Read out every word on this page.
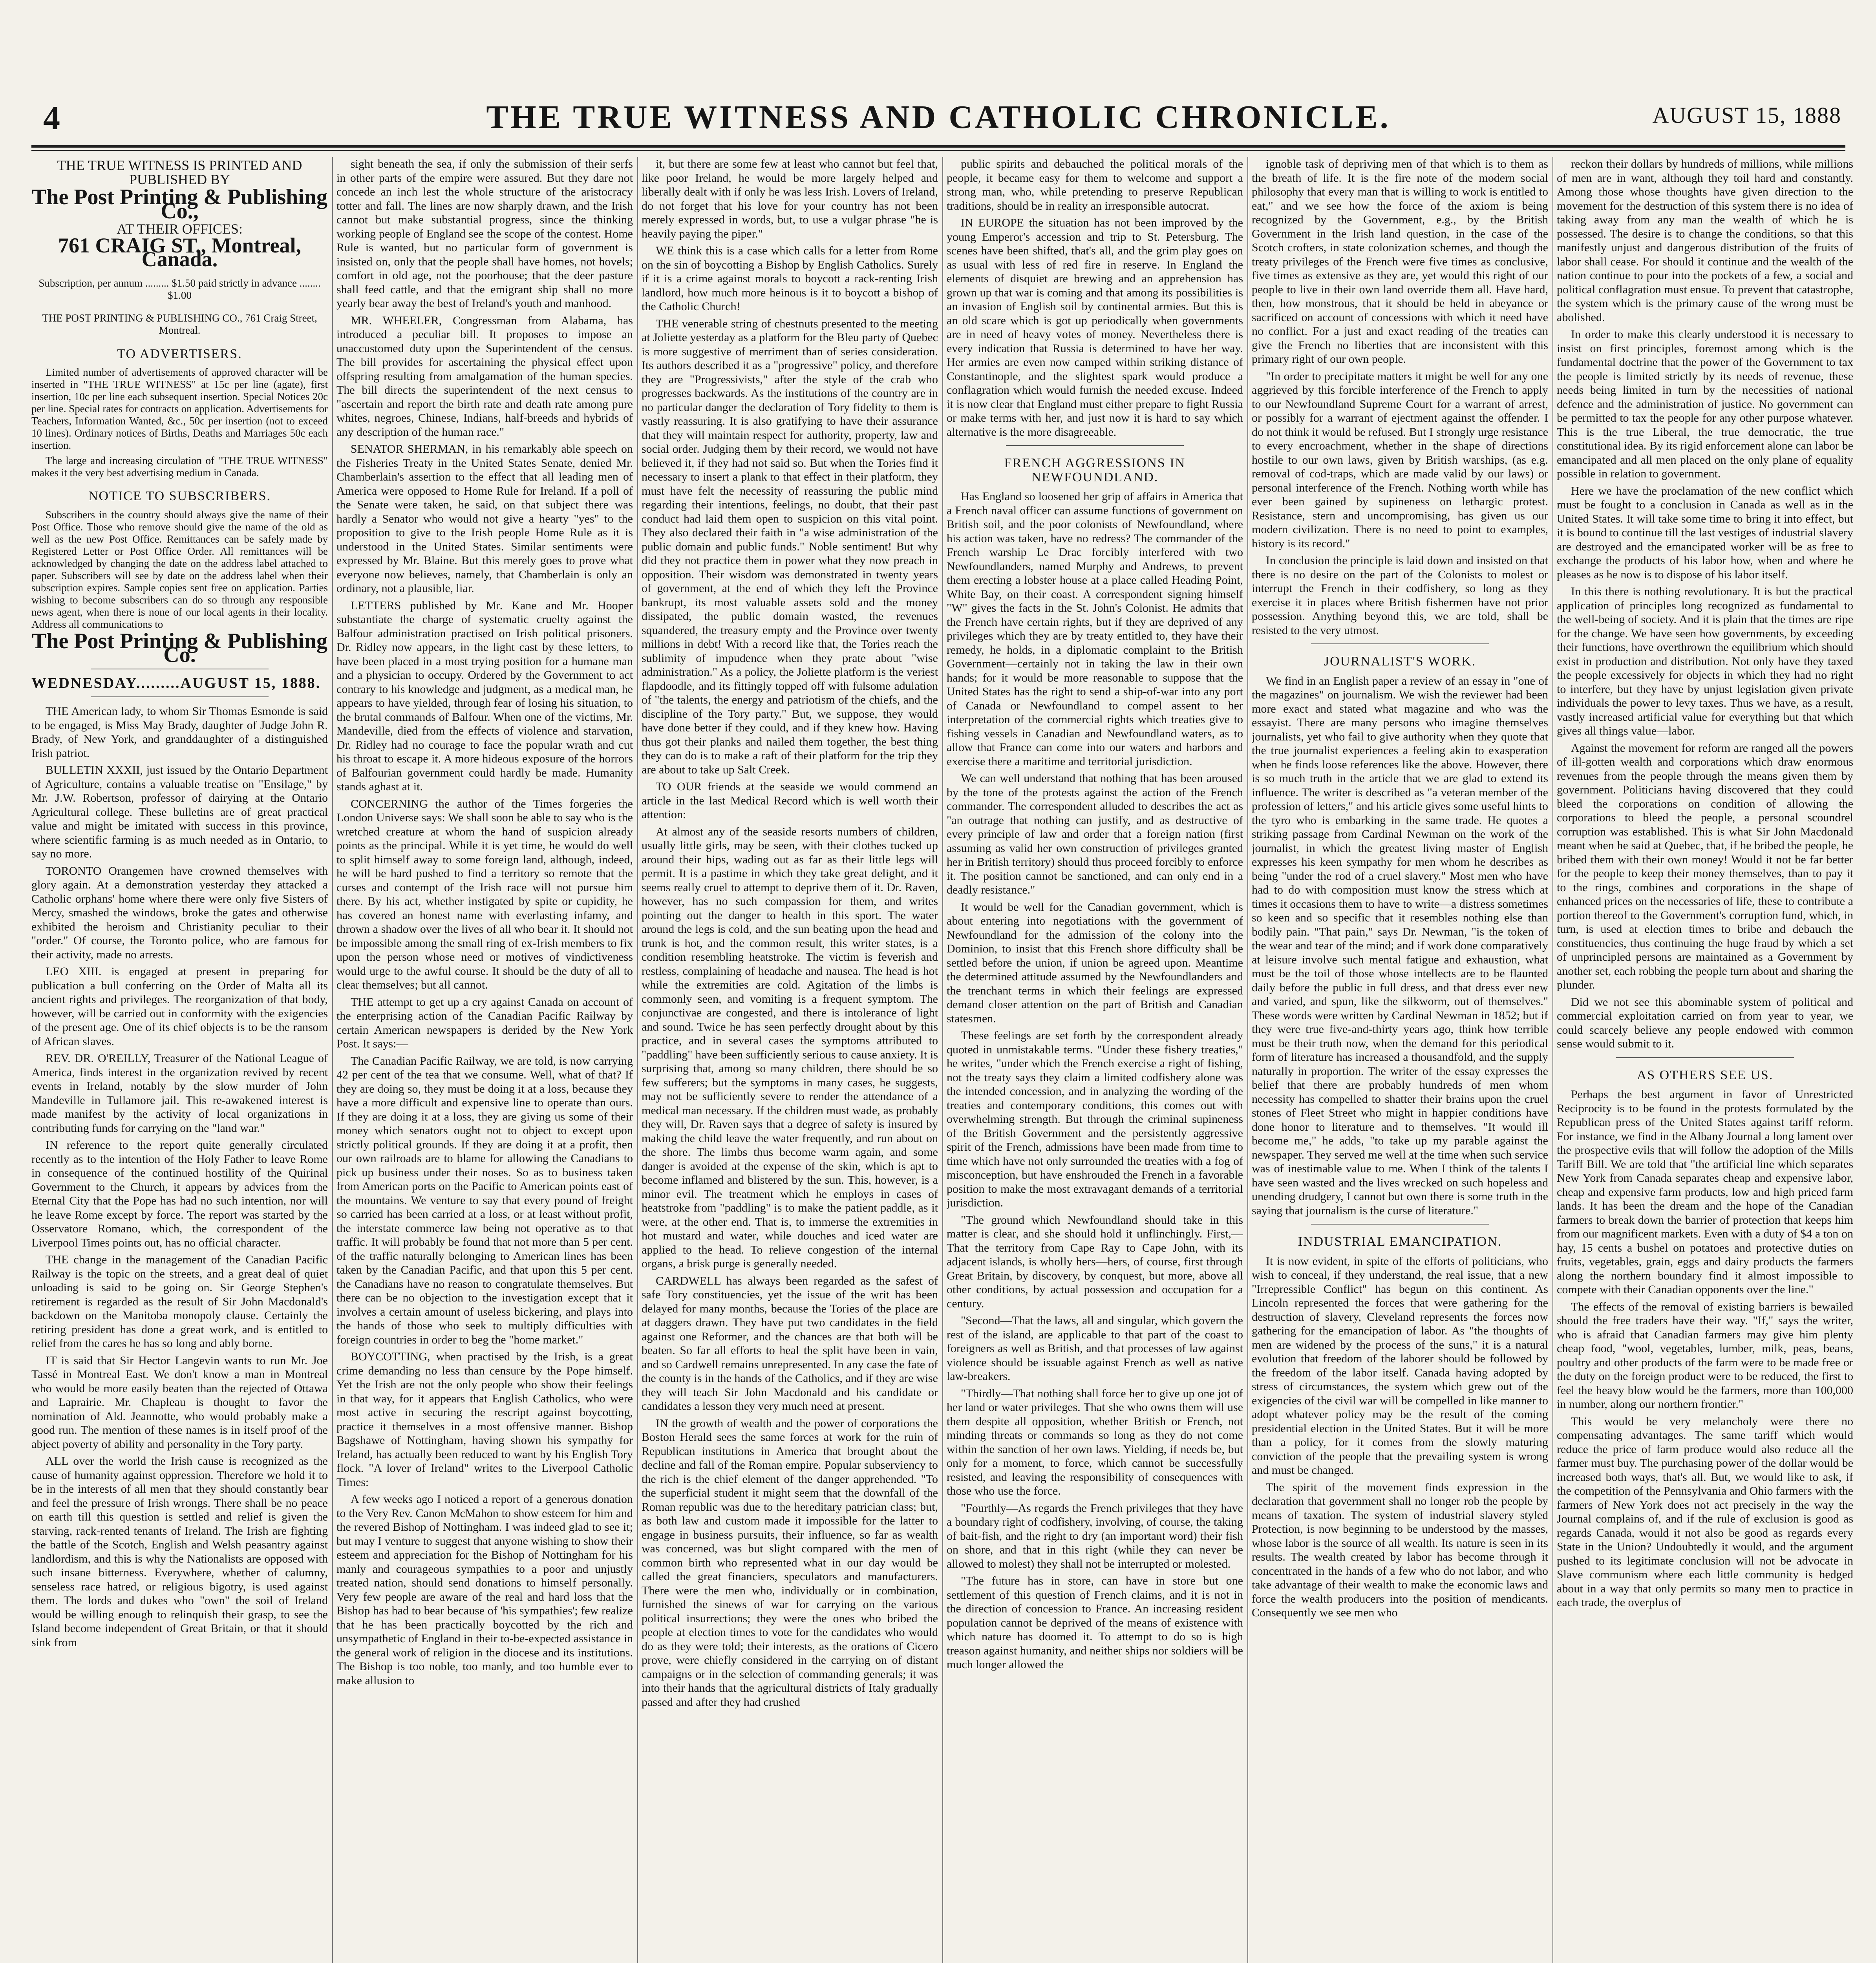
4	THE TRUE WITNESS AND CATHOLIC CHRONICLE.	AUGUST 15, 1888
THE TRUE WITNESS IS PRINTED AND PUBLISHED BY
The Post Printing & Publishing Co.,
AT THEIR OFFICES:
761 CRAIG ST., Montreal, Canada.

Subscription, per annum ......... $1.50 paid strictly in advance ........ $1.00

THE POST PRINTING & PUBLISHING CO., 761 Craig Street, Montreal.

TO ADVERTISERS.

Limited number of advertisements of approved character will be inserted in "THE TRUE WITNESS" at 15c per line (agate), first insertion, 10c per line each subsequent insertion. Special Notices 20c per line. Special rates for contracts on application. Advertisements for Teachers, Information Wanted, &c., 50c per insertion (not to exceed 10 lines). Ordinary notices of Births, Deaths and Marriages 50c each insertion.

The large and increasing circulation of "THE TRUE WITNESS" makes it the very best advertising medium in Canada.

NOTICE TO SUBSCRIBERS.

Subscribers in the country should always give the name of their Post Office. Those who remove should give the name of the old as well as the new Post Office. Remittances can be safely made by Registered Letter or Post Office Order. All remittances will be acknowledged by changing the date on the address label attached to paper. Subscribers will see by date on the address label when their subscription expires. Sample copies sent free on application. Parties wishing to become subscribers can do so through any responsible news agent, when there is none of our local agents in their locality. Address all communications to

The Post Printing & Publishing Co.
WEDNESDAY.........AUGUST 15, 1888.

THE American lady, to whom Sir Thomas Esmonde is said to be engaged, is Miss May Brady, daughter of Judge John R. Brady, of New York, and granddaughter of a distinguished Irish patriot.

BULLETIN XXXII, just issued by the Ontario Department of Agriculture, contains a valuable treatise on "Ensilage," by Mr. J.W. Robertson, professor of dairying at the Ontario Agricultural college. These bulletins are of great practical value and might be imitated with success in this province, where scientific farming is as much needed as in Ontario, to say no more.

TORONTO Orangemen have crowned themselves with glory again. At a demonstration yesterday they attacked a Catholic orphans' home where there were only five Sisters of Mercy, smashed the windows, broke the gates and otherwise exhibited the heroism and Christianity peculiar to their "order." Of course, the Toronto police, who are famous for their activity, made no arrests.

LEO XIII. is engaged at present in preparing for publication a bull conferring on the Order of Malta all its ancient rights and privileges. The reorganization of that body, however, will be carried out in conformity with the exigencies of the present age. One of its chief objects is to be the ransom of African slaves.

REV. DR. O'REILLY, Treasurer of the National League of America, finds interest in the organization revived by recent events in Ireland, notably by the slow murder of John Mandeville in Tullamore jail. This re-awakened interest is made manifest by the activity of local organizations in contributing funds for carrying on the "land war."

IN reference to the report quite generally circulated recently as to the intention of the Holy Father to leave Rome in consequence of the continued hostility of the Quirinal Government to the Church, it appears by advices from the Eternal City that the Pope has had no such intention, nor will he leave Rome except by force. The report was started by the Osservatore Romano, which, the correspondent of the Liverpool Times points out, has no official character.

THE change in the management of the Canadian Pacific Railway is the topic on the streets, and a great deal of quiet unloading is said to be going on. Sir George Stephen's retirement is regarded as the result of Sir John Macdonald's backdown on the Manitoba monopoly clause. Certainly the retiring president has done a great work, and is entitled to relief from the cares he has so long and ably borne.

IT is said that Sir Hector Langevin wants to run Mr. Joe Tassé in Montreal East. We don't know a man in Montreal who would be more easily beaten than the rejected of Ottawa and Laprairie. Mr. Chapleau is thought to favor the nomination of Ald. Jeannotte, who would probably make a good run. The mention of these names is in itself proof of the abject poverty of ability and personality in the Tory party.

ALL over the world the Irish cause is recognized as the cause of humanity against oppression. Therefore we hold it to be in the interests of all men that they should constantly bear and feel the pressure of Irish wrongs. There shall be no peace on earth till this question is settled and relief is given the starving, rack-rented tenants of Ireland. The Irish are fighting the battle of the Scotch, English and Welsh peasantry against landlordism, and this is why the Nationalists are opposed with such insane bitterness. Everywhere, whether of calumny, senseless race hatred, or religious bigotry, is used against them. The lords and dukes who "own" the soil of Ireland would be willing enough to relinquish their grasp, to see the Island become independent of Great Britain, or that it should sink from

sight beneath the sea, if only the submission of their serfs in other parts of the empire were assured. But they dare not concede an inch lest the whole structure of the aristocracy totter and fall. The lines are now sharply drawn, and the Irish cannot but make substantial progress, since the thinking working people of England see the scope of the contest. Home Rule is wanted, but no particular form of government is insisted on, only that the people shall have homes, not hovels; comfort in old age, not the poorhouse; that the deer pasture shall feed cattle, and that the emigrant ship shall no more yearly bear away the best of Ireland's youth and manhood.

MR. WHEELER, Congressman from Alabama, has introduced a peculiar bill. It proposes to impose an unaccustomed duty upon the Superintendent of the census. The bill provides for ascertaining the physical effect upon offspring resulting from amalgamation of the human species. The bill directs the superintendent of the next census to "ascertain and report the birth rate and death rate among pure whites, negroes, Chinese, Indians, half-breeds and hybrids of any description of the human race."

SENATOR SHERMAN, in his remarkably able speech on the Fisheries Treaty in the United States Senate, denied Mr. Chamberlain's assertion to the effect that all leading men of America were opposed to Home Rule for Ireland. If a poll of the Senate were taken, he said, on that subject there was hardly a Senator who would not give a hearty "yes" to the proposition to give to the Irish people Home Rule as it is understood in the United States. Similar sentiments were expressed by Mr. Blaine. But this merely goes to prove what everyone now believes, namely, that Chamberlain is only an ordinary, not a plausible, liar.

LETTERS published by Mr. Kane and Mr. Hooper substantiate the charge of systematic cruelty against the Balfour administration practised on Irish political prisoners. Dr. Ridley now appears, in the light cast by these letters, to have been placed in a most trying position for a humane man and a physician to occupy. Ordered by the Government to act contrary to his knowledge and judgment, as a medical man, he appears to have yielded, through fear of losing his situation, to the brutal commands of Balfour. When one of the victims, Mr. Mandeville, died from the effects of violence and starvation, Dr. Ridley had no courage to face the popular wrath and cut his throat to escape it. A more hideous exposure of the horrors of Balfourian government could hardly be made. Humanity stands aghast at it.

CONCERNING the author of the Times forgeries the London Universe says: We shall soon be able to say who is the wretched creature at whom the hand of suspicion already points as the principal. While it is yet time, he would do well to split himself away to some foreign land, although, indeed, he will be hard pushed to find a territory so remote that the curses and contempt of the Irish race will not pursue him there. By his act, whether instigated by spite or cupidity, he has covered an honest name with everlasting infamy, and thrown a shadow over the lives of all who bear it. It should not be impossible among the small ring of ex-Irish members to fix upon the person whose need or motives of vindictiveness would urge to the awful course. It should be the duty of all to clear themselves; but all cannot.

THE attempt to get up a cry against Canada on account of the enterprising action of the Canadian Pacific Railway by certain American newspapers is derided by the New York Post. It says:—

The Canadian Pacific Railway, we are told, is now carrying 42 per cent of the tea that we consume. Well, what of that? If they are doing so, they must be doing it at a loss, because they have a more difficult and expensive line to operate than ours. If they are doing it at a loss, they are giving us some of their money which senators ought not to object to except upon strictly political grounds. If they are doing it at a profit, then our own railroads are to blame for allowing the Canadians to pick up business under their noses. So as to business taken from American ports on the Pacific to American points east of the mountains. We venture to say that every pound of freight so carried has been carried at a loss, or at least without profit, the interstate commerce law being not operative as to that traffic. It will probably be found that not more than 5 per cent. of the traffic naturally belonging to American lines has been taken by the Canadian Pacific, and that upon this 5 per cent. the Canadians have no reason to congratulate themselves. But there can be no objection to the investigation except that it involves a certain amount of useless bickering, and plays into the hands of those who seek to multiply difficulties with foreign countries in order to beg the "home market."

BOYCOTTING, when practised by the Irish, is a great crime demanding no less than censure by the Pope himself. Yet the Irish are not the only people who show their feelings in that way, for it appears that English Catholics, who were most active in securing the rescript against boycotting, practice it themselves in a most offensive manner. Bishop Bagshawe of Nottingham, having shown his sympathy for Ireland, has actually been reduced to want by his English Tory flock. "A lover of Ireland" writes to the Liverpool Catholic Times:

A few weeks ago I noticed a report of a generous donation to the Very Rev. Canon McMahon to show esteem for him and the revered Bishop of Nottingham. I was indeed glad to see it; but may I venture to suggest that anyone wishing to show their esteem and appreciation for the Bishop of Nottingham for his manly and courageous sympathies to a poor and unjustly treated nation, should send donations to himself personally. Very few people are aware of the real and hard loss that the Bishop has had to bear because of 'his sympathies'; few realize that he has been practically boycotted by the rich and unsympathetic of England in their to-be-expected assistance in the general work of religion in the diocese and its institutions. The Bishop is too noble, too manly, and too humble ever to make allusion to

it, but there are some few at least who cannot but feel that, like poor Ireland, he would be more largely helped and liberally dealt with if only he was less Irish. Lovers of Ireland, do not forget that his love for your country has not been merely expressed in words, but, to use a vulgar phrase "he is heavily paying the piper."

WE think this is a case which calls for a letter from Rome on the sin of boycotting a Bishop by English Catholics. Surely if it is a crime against morals to boycott a rack-renting Irish landlord, how much more heinous is it to boycott a bishop of the Catholic Church!

THE venerable string of chestnuts presented to the meeting at Joliette yesterday as a platform for the Bleu party of Quebec is more suggestive of merriment than of series consideration. Its authors described it as a "progressive" policy, and therefore they are "Progressivists," after the style of the crab who progresses backwards. As the institutions of the country are in no particular danger the declaration of Tory fidelity to them is vastly reassuring. It is also gratifying to have their assurance that they will maintain respect for authority, property, law and social order. Judging them by their record, we would not have believed it, if they had not said so. But when the Tories find it necessary to insert a plank to that effect in their platform, they must have felt the necessity of reassuring the public mind regarding their intentions, feelings, no doubt, that their past conduct had laid them open to suspicion on this vital point. They also declared their faith in "a wise administration of the public domain and public funds." Noble sentiment! But why did they not practice them in power what they now preach in opposition. Their wisdom was demonstrated in twenty years of government, at the end of which they left the Province bankrupt, its most valuable assets sold and the money dissipated, the public domain wasted, the revenues squandered, the treasury empty and the Province over twenty millions in debt! With a record like that, the Tories reach the sublimity of impudence when they prate about "wise administration." As a policy, the Joliette platform is the veriest flapdoodle, and its fittingly topped off with fulsome adulation of "the talents, the energy and patriotism of the chiefs, and the discipline of the Tory party." But, we suppose, they would have done better if they could, and if they knew how. Having thus got their planks and nailed them together, the best thing they can do is to make a raft of their platform for the trip they are about to take up Salt Creek.

TO OUR friends at the seaside we would commend an article in the last Medical Record which is well worth their attention:

At almost any of the seaside resorts numbers of children, usually little girls, may be seen, with their clothes tucked up around their hips, wading out as far as their little legs will permit. It is a pastime in which they take great delight, and it seems really cruel to attempt to deprive them of it. Dr. Raven, however, has no such compassion for them, and writes pointing out the danger to health in this sport. The water around the legs is cold, and the sun beating upon the head and trunk is hot, and the common result, this writer states, is a condition resembling heatstroke. The victim is feverish and restless, complaining of headache and nausea. The head is hot while the extremities are cold. Agitation of the limbs is commonly seen, and vomiting is a frequent symptom. The conjunctivae are congested, and there is intolerance of light and sound. Twice he has seen perfectly drought about by this practice, and in several cases the symptoms attributed to "paddling" have been sufficiently serious to cause anxiety. It is surprising that, among so many children, there should be so few sufferers; but the symptoms in many cases, he suggests, may not be sufficiently severe to render the attendance of a medical man necessary. If the children must wade, as probably they will, Dr. Raven says that a degree of safety is insured by making the child leave the water frequently, and run about on the shore. The limbs thus become warm again, and some danger is avoided at the expense of the skin, which is apt to become inflamed and blistered by the sun. This, however, is a minor evil. The treatment which he employs in cases of heatstroke from "paddling" is to make the patient paddle, as it were, at the other end. That is, to immerse the extremities in hot mustard and water, while douches and iced water are applied to the head. To relieve congestion of the internal organs, a brisk purge is generally needed.

CARDWELL has always been regarded as the safest of safe Tory constituencies, yet the issue of the writ has been delayed for many months, because the Tories of the place are at daggers drawn. They have put two candidates in the field against one Reformer, and the chances are that both will be beaten. So far all efforts to heal the split have been in vain, and so Cardwell remains unrepresented. In any case the fate of the county is in the hands of the Catholics, and if they are wise they will teach Sir John Macdonald and his candidate or candidates a lesson they very much need at present.

IN the growth of wealth and the power of corporations the Boston Herald sees the same forces at work for the ruin of Republican institutions in America that brought about the decline and fall of the Roman empire. Popular subserviency to the rich is the chief element of the danger apprehended. "To the superficial student it might seem that the downfall of the Roman republic was due to the hereditary patrician class; but, as both law and custom made it impossible for the latter to engage in business pursuits, their influence, so far as wealth was concerned, was but slight compared with the men of common birth who represented what in our day would be called the great financiers, speculators and manufacturers. There were the men who, individually or in combination, furnished the sinews of war for carrying on the various political insurrections; they were the ones who bribed the people at election times to vote for the candidates who would do as they were told; their interests, as the orations of Cicero prove, were chiefly considered in the carrying on of distant campaigns or in the selection of commanding generals; it was into their hands that the agricultural districts of Italy gradually passed and after they had crushed

public spirits and debauched the political morals of the people, it became easy for them to welcome and support a strong man, who, while pretending to preserve Republican traditions, should be in reality an irresponsible autocrat.

IN EUROPE the situation has not been improved by the young Emperor's accession and trip to St. Petersburg. The scenes have been shifted, that's all, and the grim play goes on as usual with less of red fire in reserve. In England the elements of disquiet are brewing and an apprehension has grown up that war is coming and that among its possibilities is an invasion of English soil by continental armies. But this is an old scare which is got up periodically when governments are in need of heavy votes of money. Nevertheless there is every indication that Russia is determined to have her way. Her armies are even now camped within striking distance of Constantinople, and the slightest spark would produce a conflagration which would furnish the needed excuse. Indeed it is now clear that England must either prepare to fight Russia or make terms with her, and just now it is hard to say which alternative is the more disagreeable.

FRENCH AGGRESSIONS IN NEWFOUNDLAND.

Has England so loosened her grip of affairs in America that a French naval officer can assume functions of government on British soil, and the poor colonists of Newfoundland, where his action was taken, have no redress? The commander of the French warship Le Drac forcibly interfered with two Newfoundlanders, named Murphy and Andrews, to prevent them erecting a lobster house at a place called Heading Point, White Bay, on their coast. A correspondent signing himself "W" gives the facts in the St. John's Colonist. He admits that the French have certain rights, but if they are deprived of any privileges which they are by treaty entitled to, they have their remedy, he holds, in a diplomatic complaint to the British Government—certainly not in taking the law in their own hands; for it would be more reasonable to suppose that the United States has the right to send a ship-of-war into any port of Canada or Newfoundland to compel assent to her interpretation of the commercial rights which treaties give to fishing vessels in Canadian and Newfoundland waters, as to allow that France can come into our waters and harbors and exercise there a maritime and territorial jurisdiction.

We can well understand that nothing that has been aroused by the tone of the protests against the action of the French commander. The correspondent alluded to describes the act as "an outrage that nothing can justify, and as destructive of every principle of law and order that a foreign nation (first assuming as valid her own construction of privileges granted her in British territory) should thus proceed forcibly to enforce it. The position cannot be sanctioned, and can only end in a deadly resistance."

It would be well for the Canadian government, which is about entering into negotiations with the government of Newfoundland for the admission of the colony into the Dominion, to insist that this French shore difficulty shall be settled before the union, if union be agreed upon. Meantime the determined attitude assumed by the Newfoundlanders and the trenchant terms in which their feelings are expressed demand closer attention on the part of British and Canadian statesmen.

These feelings are set forth by the correspondent already quoted in unmistakable terms. "Under these fishery treaties," he writes, "under which the French exercise a right of fishing, not the treaty says they claim a limited codfishery alone was the intended concession, and in analyzing the wording of the treaties and contemporary conditions, this comes out with overwhelming strength. But through the criminal supineness of the British Government and the persistently aggressive spirit of the French, admissions have been made from time to time which have not only surrounded the treaties with a fog of misconception, but have enshrouded the French in a favorable position to make the most extravagant demands of a territorial jurisdiction.

"The ground which Newfoundland should take in this matter is clear, and she should hold it unflinchingly. First,—That the territory from Cape Ray to Cape John, with its adjacent islands, is wholly hers—hers, of course, first through Great Britain, by discovery, by conquest, but more, above all other conditions, by actual possession and occupation for a century.

"Second—That the laws, all and singular, which govern the rest of the island, are applicable to that part of the coast to foreigners as well as British, and that processes of law against violence should be issuable against French as well as native law-breakers.

"Thirdly—That nothing shall force her to give up one jot of her land or water privileges. That she who owns them will use them despite all opposition, whether British or French, not minding threats or commands so long as they do not come within the sanction of her own laws. Yielding, if needs be, but only for a moment, to force, which cannot be successfully resisted, and leaving the responsibility of consequences with those who use the force.

"Fourthly—As regards the French privileges that they have a boundary right of codfishery, involving, of course, the taking of bait-fish, and the right to dry (an important word) their fish on shore, and that in this right (while they can never be allowed to molest) they shall not be interrupted or molested.

"The future has in store, can have in store but one settlement of this question of French claims, and it is not in the direction of concession to France. An increasing resident population cannot be deprived of the means of existence with which nature has doomed it. To attempt to do so is high treason against humanity, and neither ships nor soldiers will be much longer allowed the

ignoble task of depriving men of that which is to them as the breath of life. It is the fire note of the modern social philosophy that every man that is willing to work is entitled to eat," and we see how the force of the axiom is being recognized by the Government, e.g., by the British Government in the Irish land question, in the case of the Scotch crofters, in state colonization schemes, and though the treaty privileges of the French were five times as conclusive, five times as extensive as they are, yet would this right of our people to live in their own land override them all. Have hard, then, how monstrous, that it should be held in abeyance or sacrificed on account of concessions with which it need have no conflict. For a just and exact reading of the treaties can give the French no liberties that are inconsistent with this primary right of our own people.

"In order to precipitate matters it might be well for any one aggrieved by this forcible interference of the French to apply to our Newfoundland Supreme Court for a warrant of arrest, or possibly for a warrant of ejectment against the offender. I do not think it would be refused. But I strongly urge resistance to every encroachment, whether in the shape of directions hostile to our own laws, given by British warships, (as e.g. removal of cod-traps, which are made valid by our laws) or personal interference of the French. Nothing worth while has ever been gained by supineness on lethargic protest. Resistance, stern and uncompromising, has given us our modern civilization. There is no need to point to examples, history is its record."

In conclusion the principle is laid down and insisted on that there is no desire on the part of the Colonists to molest or interrupt the French in their codfishery, so long as they exercise it in places where British fishermen have not prior possession. Anything beyond this, we are told, shall be resisted to the very utmost.

JOURNALIST'S WORK.

We find in an English paper a review of an essay in "one of the magazines" on journalism. We wish the reviewer had been more exact and stated what magazine and who was the essayist. There are many persons who imagine themselves journalists, yet who fail to give authority when they quote that the true journalist experiences a feeling akin to exasperation when he finds loose references like the above. However, there is so much truth in the article that we are glad to extend its influence. The writer is described as "a veteran member of the profession of letters," and his article gives some useful hints to the tyro who is embarking in the same trade. He quotes a striking passage from Cardinal Newman on the work of the journalist, in which the greatest living master of English expresses his keen sympathy for men whom he describes as being "under the rod of a cruel slavery." Most men who have had to do with composition must know the stress which at times it occasions them to have to write—a distress sometimes so keen and so specific that it resembles nothing else than bodily pain. "That pain," says Dr. Newman, "is the token of the wear and tear of the mind; and if work done comparatively at leisure involve such mental fatigue and exhaustion, what must be the toil of those whose intellects are to be flaunted daily before the public in full dress, and that dress ever new and varied, and spun, like the silkworm, out of themselves." These words were written by Cardinal Newman in 1852; but if they were true five-and-thirty years ago, think how terrible must be their truth now, when the demand for this periodical form of literature has increased a thousandfold, and the supply naturally in proportion. The writer of the essay expresses the belief that there are probably hundreds of men whom necessity has compelled to shatter their brains upon the cruel stones of Fleet Street who might in happier conditions have done honor to literature and to themselves. "It would ill become me," he adds, "to take up my parable against the newspaper. They served me well at the time when such service was of inestimable value to me. When I think of the talents I have seen wasted and the lives wrecked on such hopeless and unending drudgery, I cannot but own there is some truth in the saying that journalism is the curse of literature."

INDUSTRIAL EMANCIPATION.

It is now evident, in spite of the efforts of politicians, who wish to conceal, if they understand, the real issue, that a new "Irrepressible Conflict" has begun on this continent. As Lincoln represented the forces that were gathering for the destruction of slavery, Cleveland represents the forces now gathering for the emancipation of labor. As "the thoughts of men are widened by the process of the suns," it is a natural evolution that freedom of the laborer should be followed by the freedom of the labor itself. Canada having adopted by stress of circumstances, the system which grew out of the exigencies of the civil war will be compelled in like manner to adopt whatever policy may be the result of the coming presidential election in the United States. But it will be more than a policy, for it comes from the slowly maturing conviction of the people that the prevailing system is wrong and must be changed.

The spirit of the movement finds expression in the declaration that government shall no longer rob the people by means of taxation. The system of industrial slavery styled Protection, is now beginning to be understood by the masses, whose labor is the source of all wealth. Its nature is seen in its results. The wealth created by labor has become through it concentrated in the hands of a few who do not labor, and who take advantage of their wealth to make the economic laws and force the wealth producers into the position of mendicants. Consequently we see men who

reckon their dollars by hundreds of millions, while millions of men are in want, although they toil hard and constantly. Among those whose thoughts have given direction to the movement for the destruction of this system there is no idea of taking away from any man the wealth of which he is possessed. The desire is to change the conditions, so that this manifestly unjust and dangerous distribution of the fruits of labor shall cease. For should it continue and the wealth of the nation continue to pour into the pockets of a few, a social and political conflagration must ensue. To prevent that catastrophe, the system which is the primary cause of the wrong must be abolished.

In order to make this clearly understood it is necessary to insist on first principles, foremost among which is the fundamental doctrine that the power of the Government to tax the people is limited strictly by its needs of revenue, these needs being limited in turn by the necessities of national defence and the administration of justice. No government can be permitted to tax the people for any other purpose whatever. This is the true Liberal, the true democratic, the true constitutional idea. By its rigid enforcement alone can labor be emancipated and all men placed on the only plane of equality possible in relation to government.

Here we have the proclamation of the new conflict which must be fought to a conclusion in Canada as well as in the United States. It will take some time to bring it into effect, but it is bound to continue till the last vestiges of industrial slavery are destroyed and the emancipated worker will be as free to exchange the products of his labor how, when and where he pleases as he now is to dispose of his labor itself.

In this there is nothing revolutionary. It is but the practical application of principles long recognized as fundamental to the well-being of society. And it is plain that the times are ripe for the change. We have seen how governments, by exceeding their functions, have overthrown the equilibrium which should exist in production and distribution. Not only have they taxed the people excessively for objects in which they had no right to interfere, but they have by unjust legislation given private individuals the power to levy taxes. Thus we have, as a result, vastly increased artificial value for everything but that which gives all things value—labor.

Against the movement for reform are ranged all the powers of ill-gotten wealth and corporations which draw enormous revenues from the people through the means given them by government. Politicians having discovered that they could bleed the corporations on condition of allowing the corporations to bleed the people, a personal scoundrel corruption was established. This is what Sir John Macdonald meant when he said at Quebec, that, if he bribed the people, he bribed them with their own money! Would it not be far better for the people to keep their money themselves, than to pay it to the rings, combines and corporations in the shape of enhanced prices on the necessaries of life, these to contribute a portion thereof to the Government's corruption fund, which, in turn, is used at election times to bribe and debauch the constituencies, thus continuing the huge fraud by which a set of unprincipled persons are maintained as a Government by another set, each robbing the people turn about and sharing the plunder.

Did we not see this abominable system of political and commercial exploitation carried on from year to year, we could scarcely believe any people endowed with common sense would submit to it.

AS OTHERS SEE US.

Perhaps the best argument in favor of Unrestricted Reciprocity is to be found in the protests formulated by the Republican press of the United States against tariff reform. For instance, we find in the Albany Journal a long lament over the prospective evils that will follow the adoption of the Mills Tariff Bill. We are told that "the artificial line which separates New York from Canada separates cheap and expensive labor, cheap and expensive farm products, low and high priced farm lands. It has been the dream and the hope of the Canadian farmers to break down the barrier of protection that keeps him from our magnificent markets. Even with a duty of $4 a ton on hay, 15 cents a bushel on potatoes and protective duties on fruits, vegetables, grain, eggs and dairy products the farmers along the northern boundary find it almost impossible to compete with their Canadian opponents over the line."

The effects of the removal of existing barriers is bewailed should the free traders have their way. "If," says the writer, who is afraid that Canadian farmers may give him plenty cheap food, "wool, vegetables, lumber, milk, peas, beans, poultry and other products of the farm were to be made free or the duty on the foreign product were to be reduced, the first to feel the heavy blow would be the farmers, more than 100,000 in number, along our northern frontier."

This would be very melancholy were there no compensating advantages. The same tariff which would reduce the price of farm produce would also reduce all the farmer must buy. The purchasing power of the dollar would be increased both ways, that's all. But, we would like to ask, if the competition of the Pennsylvania and Ohio farmers with the farmers of New York does not act precisely in the way the Journal complains of, and if the rule of exclusion is good as regards Canada, would it not also be good as regards every State in the Union? Undoubtedly it would, and the argument pushed to its legitimate conclusion will not be advocate in Slave communism where each little community is hedged about in a way that only permits so many men to practice in each trade, the overplus of
